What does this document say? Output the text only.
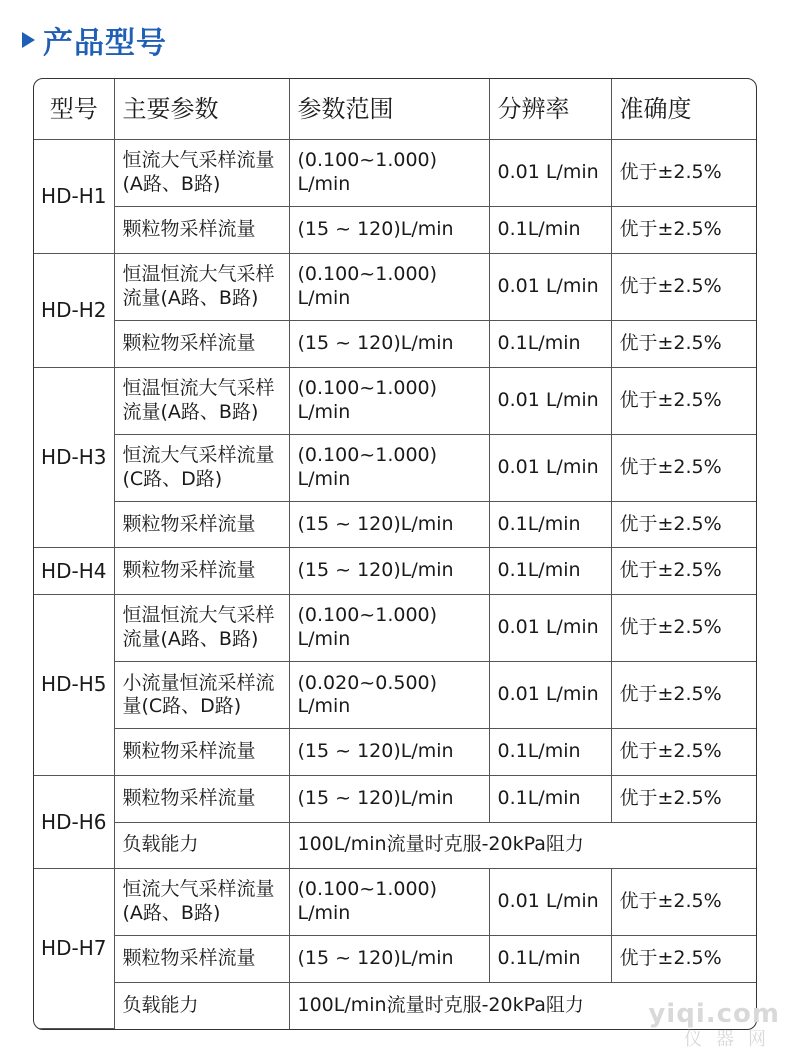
产品型号
型号	主要参数	参数范围	分辨率	准确度
HD-H1	恒流大气采样流量(A路、B路)	(0.100~1.000) L/min	0.01 L/min	优于±2.5%
	颗粒物采样流量	(15 ~ 120)L/min	0.1L/min	优于±2.5%
HD-H2	恒温恒流大气采样流量(A路、B路)	(0.100~1.000) L/min	0.01 L/min	优于±2.5%
	颗粒物采样流量	(15 ~ 120)L/min	0.1L/min	优于±2.5%
HD-H3	恒温恒流大气采样流量(A路、B路)	(0.100~1.000) L/min	0.01 L/min	优于±2.5%
	恒流大气采样流量(C路、D路)	(0.100~1.000) L/min	0.01 L/min	优于±2.5%
	颗粒物采样流量	(15 ~ 120)L/min	0.1L/min	优于±2.5%
HD-H4	颗粒物采样流量	(15 ~ 120)L/min	0.1L/min	优于±2.5%
HD-H5	恒温恒流大气采样流量(A路、B路)	(0.100~1.000) L/min	0.01 L/min	优于±2.5%
	小流量恒流采样流量(C路、D路)	(0.020~0.500) L/min	0.01 L/min	优于±2.5%
	颗粒物采样流量	(15 ~ 120)L/min	0.1L/min	优于±2.5%
HD-H6	颗粒物采样流量	(15 ~ 120)L/min	0.1L/min	优于±2.5%
	负载能力	100L/min流量时克服-20kPa阻力		
HD-H7	恒流大气采样流量(A路、B路)	(0.100~1.000) L/min	0.01 L/min	优于±2.5%
	颗粒物采样流量	(15 ~ 120)L/min	0.1L/min	优于±2.5%
	负载能力	100L/min流量时克服-20kPa阻力		yiqi.com
仪器网
